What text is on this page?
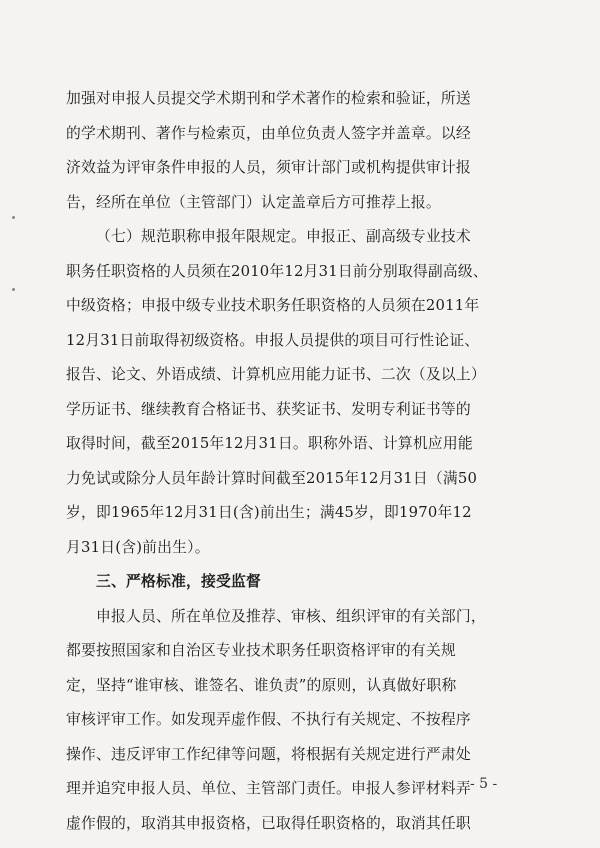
加强对申报人员提交学术期刊和学术著作的检索和验证，所送
的学术期刊、著作与检索页，由单位负责人签字并盖章。以经
济效益为评审条件申报的人员，须审计部门或机构提供审计报
告，经所在单位（主管部门）认定盖章后方可推荐上报。
（七）规范职称申报年限规定。申报正、副高级专业技术
职务任职资格的人员须在2010年12月31日前分别取得副高级、
中级资格；申报中级专业技术职务任职资格的人员须在2011年
12月31日前取得初级资格。申报人员提供的项目可行性论证、
报告、论文、外语成绩、计算机应用能力证书、二次（及以上）
学历证书、继续教育合格证书、获奖证书、发明专利证书等的
取得时间，截至2015年12月31日。职称外语、计算机应用能
力免试或除分人员年龄计算时间截至2015年12月31日（满50
岁，即1965年12月31日(含)前出生；满45岁，即1970年12
月31日(含)前出生）。
三、严格标准，接受监督
申报人员、所在单位及推荐、审核、组织评审的有关部门，
都要按照国家和自治区专业技术职务任职资格评审的有关规
定，坚持“谁审核、谁签名、谁负责”的原则，认真做好职称
审核评审工作。如发现弄虚作假、不执行有关规定、不按程序
操作、违反评审工作纪律等问题，将根据有关规定进行严肃处
理并追究申报人员、单位、主管部门责任。申报人参评材料弄
虚作假的，取消其申报资格，已取得任职资格的，取消其任职
- 5 -
